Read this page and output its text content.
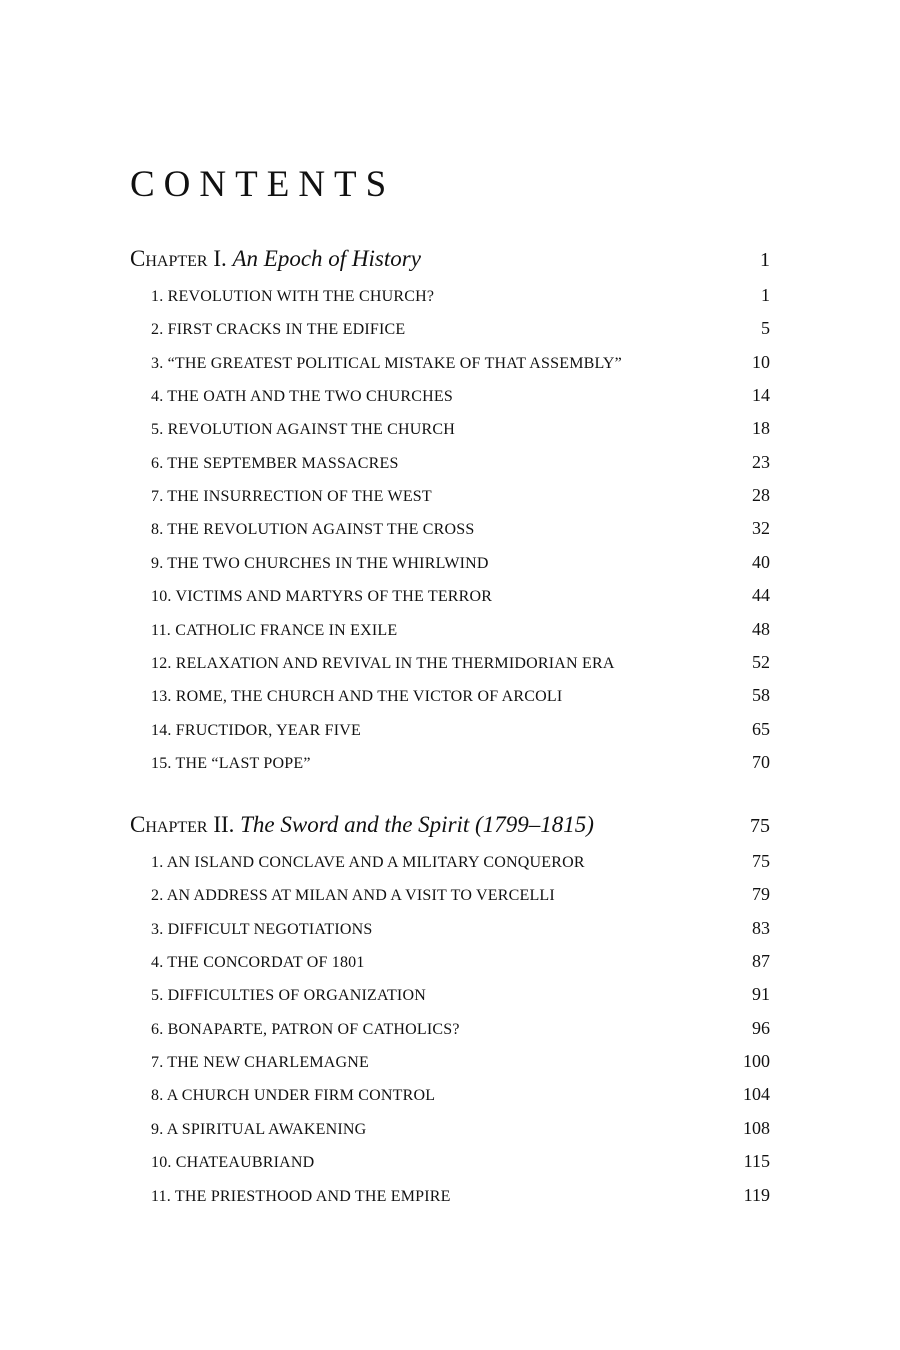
CONTENTS
Chapter I. An Epoch of History	1
1. REVOLUTION WITH THE CHURCH?	1
2. FIRST CRACKS IN THE EDIFICE	5
3. “THE GREATEST POLITICAL MISTAKE OF THAT ASSEMBLY”	10
4. THE OATH AND THE TWO CHURCHES	14
5. REVOLUTION AGAINST THE CHURCH	18
6. THE SEPTEMBER MASSACRES	23
7. THE INSURRECTION OF THE WEST	28
8. THE REVOLUTION AGAINST THE CROSS	32
9. THE TWO CHURCHES IN THE WHIRLWIND	40
10. VICTIMS AND MARTYRS OF THE TERROR	44
11. CATHOLIC FRANCE IN EXILE	48
12. RELAXATION AND REVIVAL IN THE THERMIDORIAN ERA	52
13. ROME, THE CHURCH AND THE VICTOR OF ARCOLI	58
14. FRUCTIDOR, YEAR FIVE	65
15. THE “LAST POPE”	70
Chapter II. The Sword and the Spirit (1799–1815)	75
1. AN ISLAND CONCLAVE AND A MILITARY CONQUEROR	75
2. AN ADDRESS AT MILAN AND A VISIT TO VERCELLI	79
3. DIFFICULT NEGOTIATIONS	83
4. THE CONCORDAT OF 1801	87
5. DIFFICULTIES OF ORGANIZATION	91
6. BONAPARTE, PATRON OF CATHOLICS?	96
7. THE NEW CHARLEMAGNE	100
8. A CHURCH UNDER FIRM CONTROL	104
9. A SPIRITUAL AWAKENING	108
10. CHATEAUBRIAND	115
11. THE PRIESTHOOD AND THE EMPIRE	119
